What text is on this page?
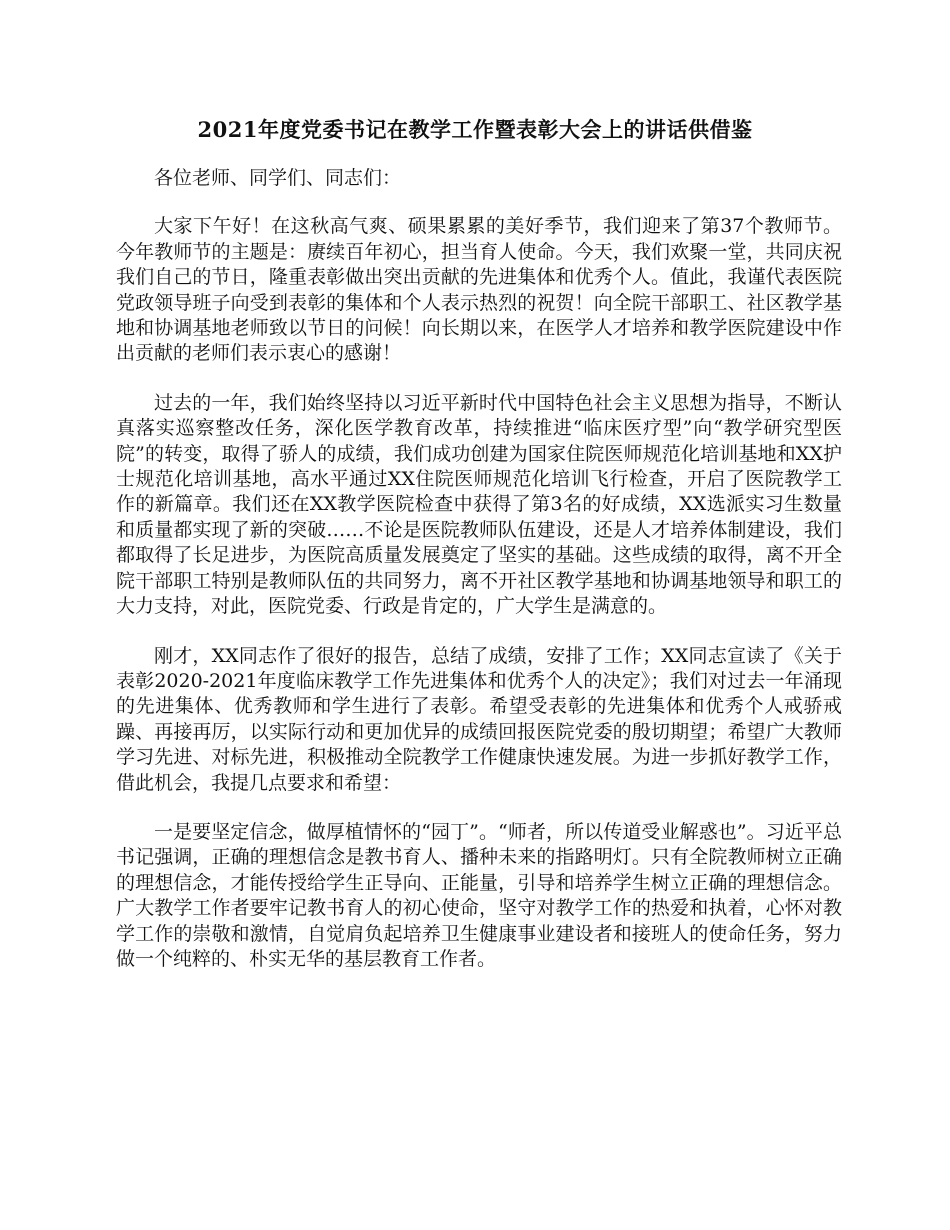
2021年度党委书记在教学工作暨表彰大会上的讲话供借鉴

各位老师、同学们、同志们：

大家下午好！在这秋高气爽、硕果累累的美好季节，我们迎来了第37个教师节。今年教师节的主题是：赓续百年初心，担当育人使命。今天，我们欢聚一堂，共同庆祝我们自己的节日，隆重表彰做出突出贡献的先进集体和优秀个人。值此，我谨代表医院党政领导班子向受到表彰的集体和个人表示热烈的祝贺！向全院干部职工、社区教学基地和协调基地老师致以节日的问候！向长期以来，在医学人才培养和教学医院建设中作出贡献的老师们表示衷心的感谢！

过去的一年，我们始终坚持以习近平新时代中国特色社会主义思想为指导，不断认真落实巡察整改任务，深化医学教育改革，持续推进“临床医疗型”向“教学研究型医院”的转变，取得了骄人的成绩，我们成功创建为国家住院医师规范化培训基地和XX护士规范化培训基地，高水平通过XX住院医师规范化培训飞行检查，开启了医院教学工作的新篇章。我们还在XX教学医院检查中获得了第3名的好成绩，XX选派实习生数量和质量都实现了新的突破……不论是医院教师队伍建设，还是人才培养体制建设，我们都取得了长足进步，为医院高质量发展奠定了坚实的基础。这些成绩的取得，离不开全院干部职工特别是教师队伍的共同努力，离不开社区教学基地和协调基地领导和职工的大力支持，对此，医院党委、行政是肯定的，广大学生是满意的。

刚才，XX同志作了很好的报告，总结了成绩，安排了工作；XX同志宣读了《关于表彰2020-2021年度临床教学工作先进集体和优秀个人的决定》；我们对过去一年涌现的先进集体、优秀教师和学生进行了表彰。希望受表彰的先进集体和优秀个人戒骄戒躁、再接再厉，以实际行动和更加优异的成绩回报医院党委的殷切期望；希望广大教师学习先进、对标先进，积极推动全院教学工作健康快速发展。为进一步抓好教学工作，借此机会，我提几点要求和希望：

一是要坚定信念，做厚植情怀的“园丁”。“师者，所以传道受业解惑也”。习近平总书记强调，正确的理想信念是教书育人、播种未来的指路明灯。只有全院教师树立正确的理想信念，才能传授给学生正导向、正能量，引导和培养学生树立正确的理想信念。广大教学工作者要牢记教书育人的初心使命，坚守对教学工作的热爱和执着，心怀对教学工作的崇敬和激情，自觉肩负起培养卫生健康事业建设者和接班人的使命任务，努力做一个纯粹的、朴实无华的基层教育工作者。
